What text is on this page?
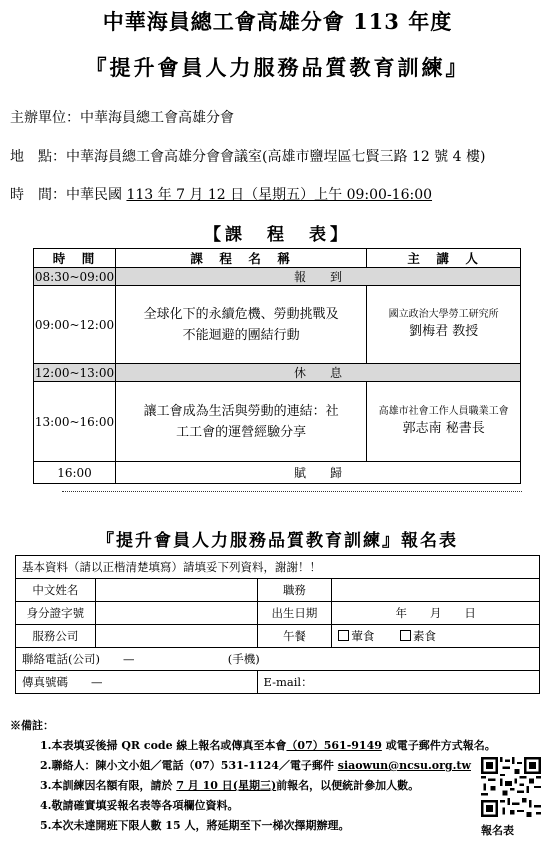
中華海員總工會高雄分會 113 年度
『提升會員人力服務品質教育訓練』
主辦單位：中華海員總工會高雄分會
地　點：中華海員總工會高雄分會會議室(高雄市鹽埕區七賢三路 12 號 4 樓)
時　間：中華民國 113 年 7 月 12 日（星期五）上午 09:00-16:00
【課　程　表】
時　間	課　程　名　稱	主　講　人
08:30~09:00	報　　到	
09:00~12:00	全球化下的永續危機、勞動挑戰及
不能迴避的團結行動	國立政治大學勞工研究所
劉梅君 教授

12:00~13:00	休　　息	
13:00~16:00	讓工會成為生活與勞動的連結：社
工工會的運營經驗分享	高雄市社會工作人員職業工會
郭志南 秘書長

16:00	賦　　歸	
『提升會員人力服務品質教育訓練』報名表
基本資料（請以正楷清楚填寫）請填妥下列資料，謝謝！！			
中文姓名		職務	
身分證字號		出生日期	年　　月　　日
服務公司		午餐	葷食 素食
聯絡電話(公司)　　— (手機)			
傳真號碼　　—		E-mail：	
※備註：
1.本表填妥後掃 QR code 線上報名或傳真至本會（07）561-9149 或電子郵件方式報名。
2.聯絡人：陳小文小姐／電話（07）531-1124／電子郵件 siaowun@ncsu.org.tw
3.本訓練因名額有限，請於 7 月 10 日(星期三)前報名，以便統計參加人數。
4.敬請確實填妥報名表等各項欄位資料。
5.本次未達開班下限人數 15 人，將延期至下一梯次擇期辦理。	報名表
